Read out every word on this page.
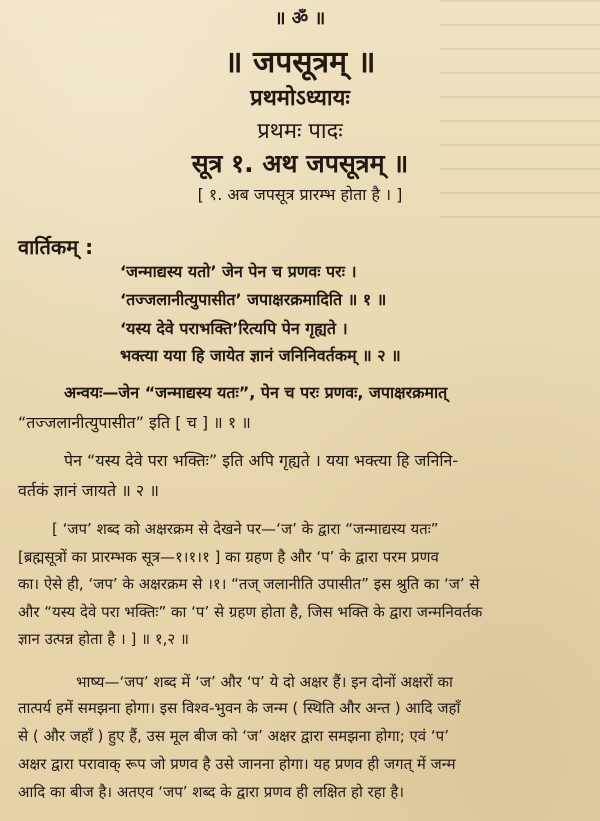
॥ ॐ ॥
॥ जपसूत्रम् ॥
प्रथमोऽध्यायः
प्रथमः पादः
सूत्र १. अथ जपसूत्रम् ॥
[ १. अब जपसूत्र प्रारम्भ होता है । ]
वार्तिकम् :
‘जन्माद्यस्य यतो’ जेन पेन च प्रणवः परः ।
‘तज्जलानीत्युपासीत’ जपाक्षरक्रमादिति ॥ १ ॥
‘यस्य देवे पराभक्ति’रित्यपि पेन गृह्यते ।
भक्त्या यया हि जायेत ज्ञानं जनिनिवर्तकम् ॥ २ ॥
अन्वयः—जेन “जन्माद्यस्य यतः”, पेन च परः प्रणवः, जपाक्षरक्रमात्
“तज्जलानीत्युपासीत” इति [ च ] ॥ १ ॥
पेन “यस्य देवे परा भक्तिः” इति अपि गृह्यते । यया भक्त्या हि जनिनि-
वर्तकं ज्ञानं जायते ॥ २ ॥
[ ‘जप’ शब्द को अक्षरक्रम से देखने पर—‘ज’ के द्वारा “जन्माद्यस्य यतः”
[ब्रह्मसूत्रों का प्रारम्भक सूत्र—१।१।१ ] का ग्रहण है और ‘प’ के द्वारा परम प्रणव
का। ऐसे ही, ‘जप’ के अक्षरक्रम से ।१। “तज् जलानीति उपासीत” इस श्रुति का ‘ज’ से
और “यस्य देवे परा भक्तिः” का ‘प’ से ग्रहण होता है, जिस भक्ति के द्वारा जन्मनिवर्तक
ज्ञान उत्पन्न होता है । ] ॥ १,२ ॥
भाष्य—‘जप’ शब्द में ‘ज’ और ‘प’ ये दो अक्षर हैं। इन दोनों अक्षरों का
तात्पर्य हमें समझना होगा। इस विश्व-भुवन के जन्म ( स्थिति और अन्त ) आदि जहाँ
से ( और जहाँ ) हुए हैं, उस मूल बीज को ‘ज’ अक्षर द्वारा समझना होगा; एवं ‘प’
अक्षर द्वारा परावाक् रूप जो प्रणव है उसे जानना होगा। यह प्रणव ही जगत् में जन्म
आदि का बीज है। अतएव ‘जप’ शब्द के द्वारा प्रणव ही लक्षित हो रहा है।
